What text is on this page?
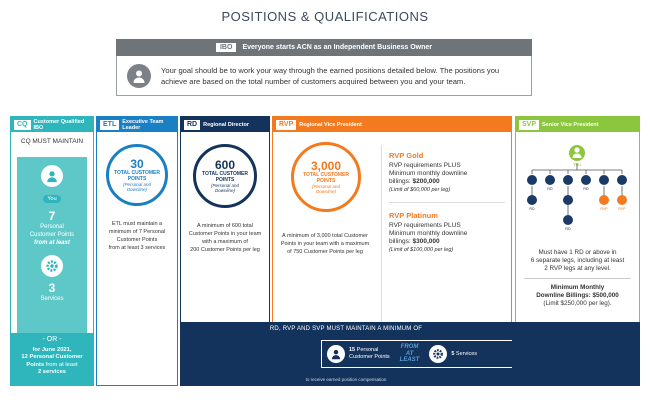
POSITIONS & QUALIFICATIONS
IBO	Everyone starts ACN as an Independent Business Owner
Your goal should be to work your way through the earned positions detailed below. The positions you
achieve are based on the total number of customers acquired between you and your team.
CQ	Customer Qualified IBO
CQ MUST MAINTAIN
You
7
Personal
Customer Points
from at least
3
Services
- OR -
for June 2021,
12 Personal Customer
Points from at least
2 services
ETL	Executive Team Leader
30
TOTAL CUSTOMER
POINTS
(Personal and
Downline)
ETL must maintain a
minimum of 7 Personal
Customer Points
from at least 3 services
RD	Regional Director
600
TOTAL CUSTOMER
POINTS
(Personal and
Downline)
A minimum of 600 total
Customer Points in your team
with a maximum of
200 Customer Points per leg
RVP	Regional Vice President
3,000
TOTAL CUSTOMER
POINTS
(Personal and
Downline)
A minimum of 3,000 total Customer
Points in your team with a maximum
of 750 Customer Points per leg
RVP Gold

RVP requirements PLUS

Minimum monthly downline

billings: $200,000

(Limit of $60,000 per leg)

RVP Platinum

RVP requirements PLUS

Minimum monthly downline

billings: $300,000

(Limit of $100,000 per leg)

SVP	Senior Vice President
You
RD	RD
RD
RD
RVP	RVP
Must have 1 RD or above in
6 separate legs, including at least
2 RVP legs at any level.
Minimum Monthly
Downline Billings: $500,000
(Limit $250,000 per leg).
RD, RVP AND SVP MUST MAINTAIN A MINIMUM OF
15 Personal
Customer Points
FROM
AT
LEAST
5 Services
to receive earned position compensation
